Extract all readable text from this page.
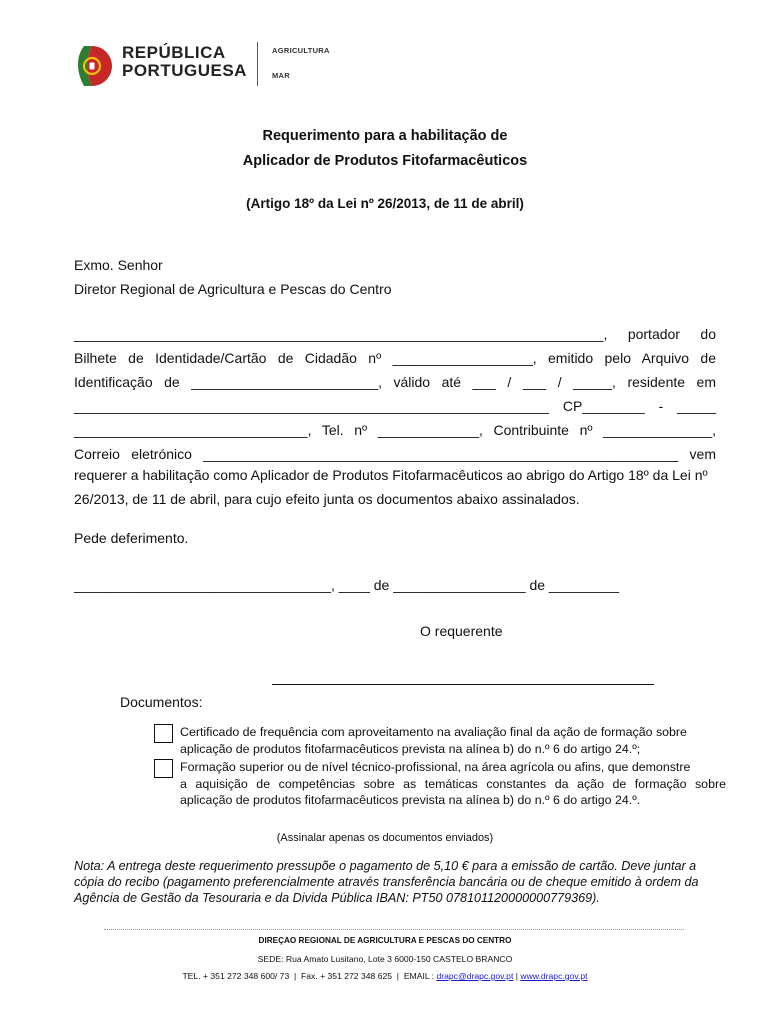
REPÚBLICA
PORTUGUESA
AGRICULTURA
MAR
Requerimento para a habilitação de
Aplicador de Produtos Fitofarmacêuticos
(Artigo 18º da Lei nº 26/2013, de 11 de abril)
Exmo. Senhor
Diretor Regional de Agricultura e Pescas do Centro
____________________________________________________________________, portador do
Bilhete de Identidade/Cartão de Cidadão nº __________________, emitido pelo Arquivo de
Identificação de ________________________, válido até ___ / ___ / _____, residente em
_____________________________________________________________ CP________ - _____
______________________________, Tel. nº _____________, Contribuinte nº ______________,
Correio eletrónico _____________________________________________________________ vem
requerer a habilitação como Aplicador de Produtos Fitofarmacêuticos ao abrigo do Artigo 18º da Lei nº
26/2013, de 11 de abril, para cujo efeito junta os documentos abaixo assinalados.
Pede deferimento.
_________________________________, ____ de _________________ de _________
O requerente
Documentos:
Certificado de frequência com aproveitamento na avaliação final da ação de formação sobre
aplicação de produtos fitofarmacêuticos prevista na alínea b) do n.º 6 do artigo 24.º;
Formação superior ou de nível técnico-profissional, na área agrícola ou afins, que demonstre
a aquisição de competências sobre as temáticas constantes da ação de formação sobre
aplicação de produtos fitofarmacêuticos prevista na alínea b) do n.º 6 do artigo 24.º.
(Assinalar apenas os documentos enviados)
Nota: A entrega deste requerimento pressupõe o pagamento de 5,10 € para a emissão de cartão. Deve juntar a
cópia do recibo (pagamento preferencialmente através transferência bancária ou de cheque emitido à ordem da
Agência de Gestão da Tesouraria e da Divida Pública IBAN: PT50 078101120000000779369).
DIREÇAO REGIONAL DE AGRICULTURA E PESCAS DO CENTRO
SEDE: Rua Amato Lusitano, Lote 3 6000-150 CASTELO BRANCO
TEL. + 351 272 348 600/ 73  |  Fax. + 351 272 348 625  |  EMAIL : drapc@drapc.gov.pt | www.drapc.gov.pt
